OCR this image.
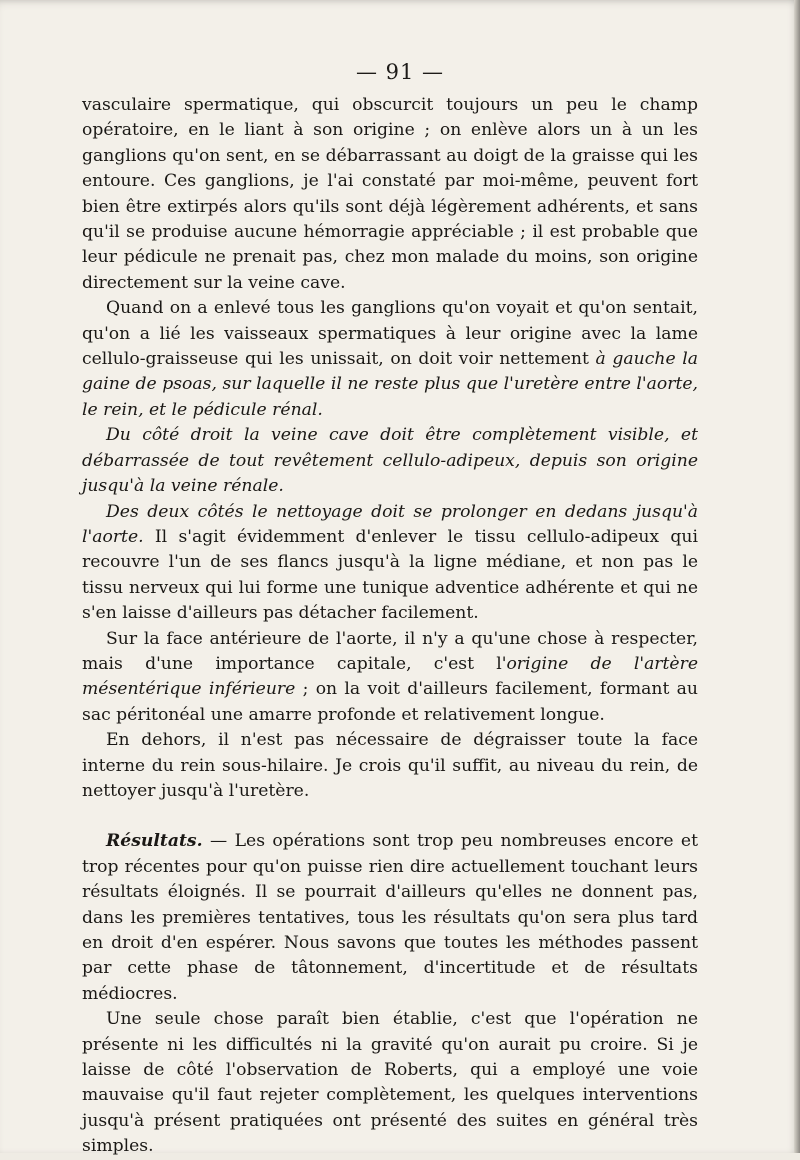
— 91 —

vasculaire spermatique, qui obscurcit toujours un peu le champ opératoire, en le liant à son origine ; on enlève alors un à un les ganglions qu'on sent, en se débarrassant au doigt de la graisse qui les entoure. Ces ganglions, je l'ai constaté par moi-même, peuvent fort bien être extirpés alors qu'ils sont déjà légèrement adhérents, et sans qu'il se produise aucune hémorragie appréciable ; il est probable que leur pédicule ne prenait pas, chez mon malade du moins, son origine directement sur la veine cave.

Quand on a enlevé tous les ganglions qu'on voyait et qu'on sentait, qu'on a lié les vaisseaux spermatiques à leur origine avec la lame cellulo-graisseuse qui les unissait, on doit voir nettement à gauche la gaine de psoas, sur laquelle il ne reste plus que l'uretère entre l'aorte, le rein, et le pédicule rénal.

Du côté droit la veine cave doit être complètement visible, et débarrassée de tout revêtement cellulo-adipeux, depuis son origine jusqu'à la veine rénale.

Des deux côtés le nettoyage doit se prolonger en dedans jusqu'à l'aorte. Il s'agit évidemment d'enlever le tissu cellulo-adipeux qui recouvre l'un de ses flancs jusqu'à la ligne médiane, et non pas le tissu nerveux qui lui forme une tunique adventice adhérente et qui ne s'en laisse d'ailleurs pas détacher facilement.

Sur la face antérieure de l'aorte, il n'y a qu'une chose à respecter, mais d'une importance capitale, c'est l'origine de l'artère mésentérique inférieure ; on la voit d'ailleurs facilement, formant au sac péritonéal une amarre profonde et relativement longue.

En dehors, il n'est pas nécessaire de dégraisser toute la face interne du rein sous-hilaire. Je crois qu'il suffit, au niveau du rein, de nettoyer jusqu'à l'uretère.

Résultats. — Les opérations sont trop peu nombreuses encore et trop récentes pour qu'on puisse rien dire actuellement touchant leurs résultats éloignés. Il se pourrait d'ailleurs qu'elles ne donnent pas, dans les premières tentatives, tous les résultats qu'on sera plus tard en droit d'en espérer. Nous savons que toutes les méthodes passent par cette phase de tâtonnement, d'incertitude et de résultats médiocres.

Une seule chose paraît bien établie, c'est que l'opération ne présente ni les difficultés ni la gravité qu'on aurait pu croire. Si je laisse de côté l'observation de Roberts, qui a employé une voie mauvaise qu'il faut rejeter complètement, les quelques interventions jusqu'à présent pratiquées ont présenté des suites en général très simples.
